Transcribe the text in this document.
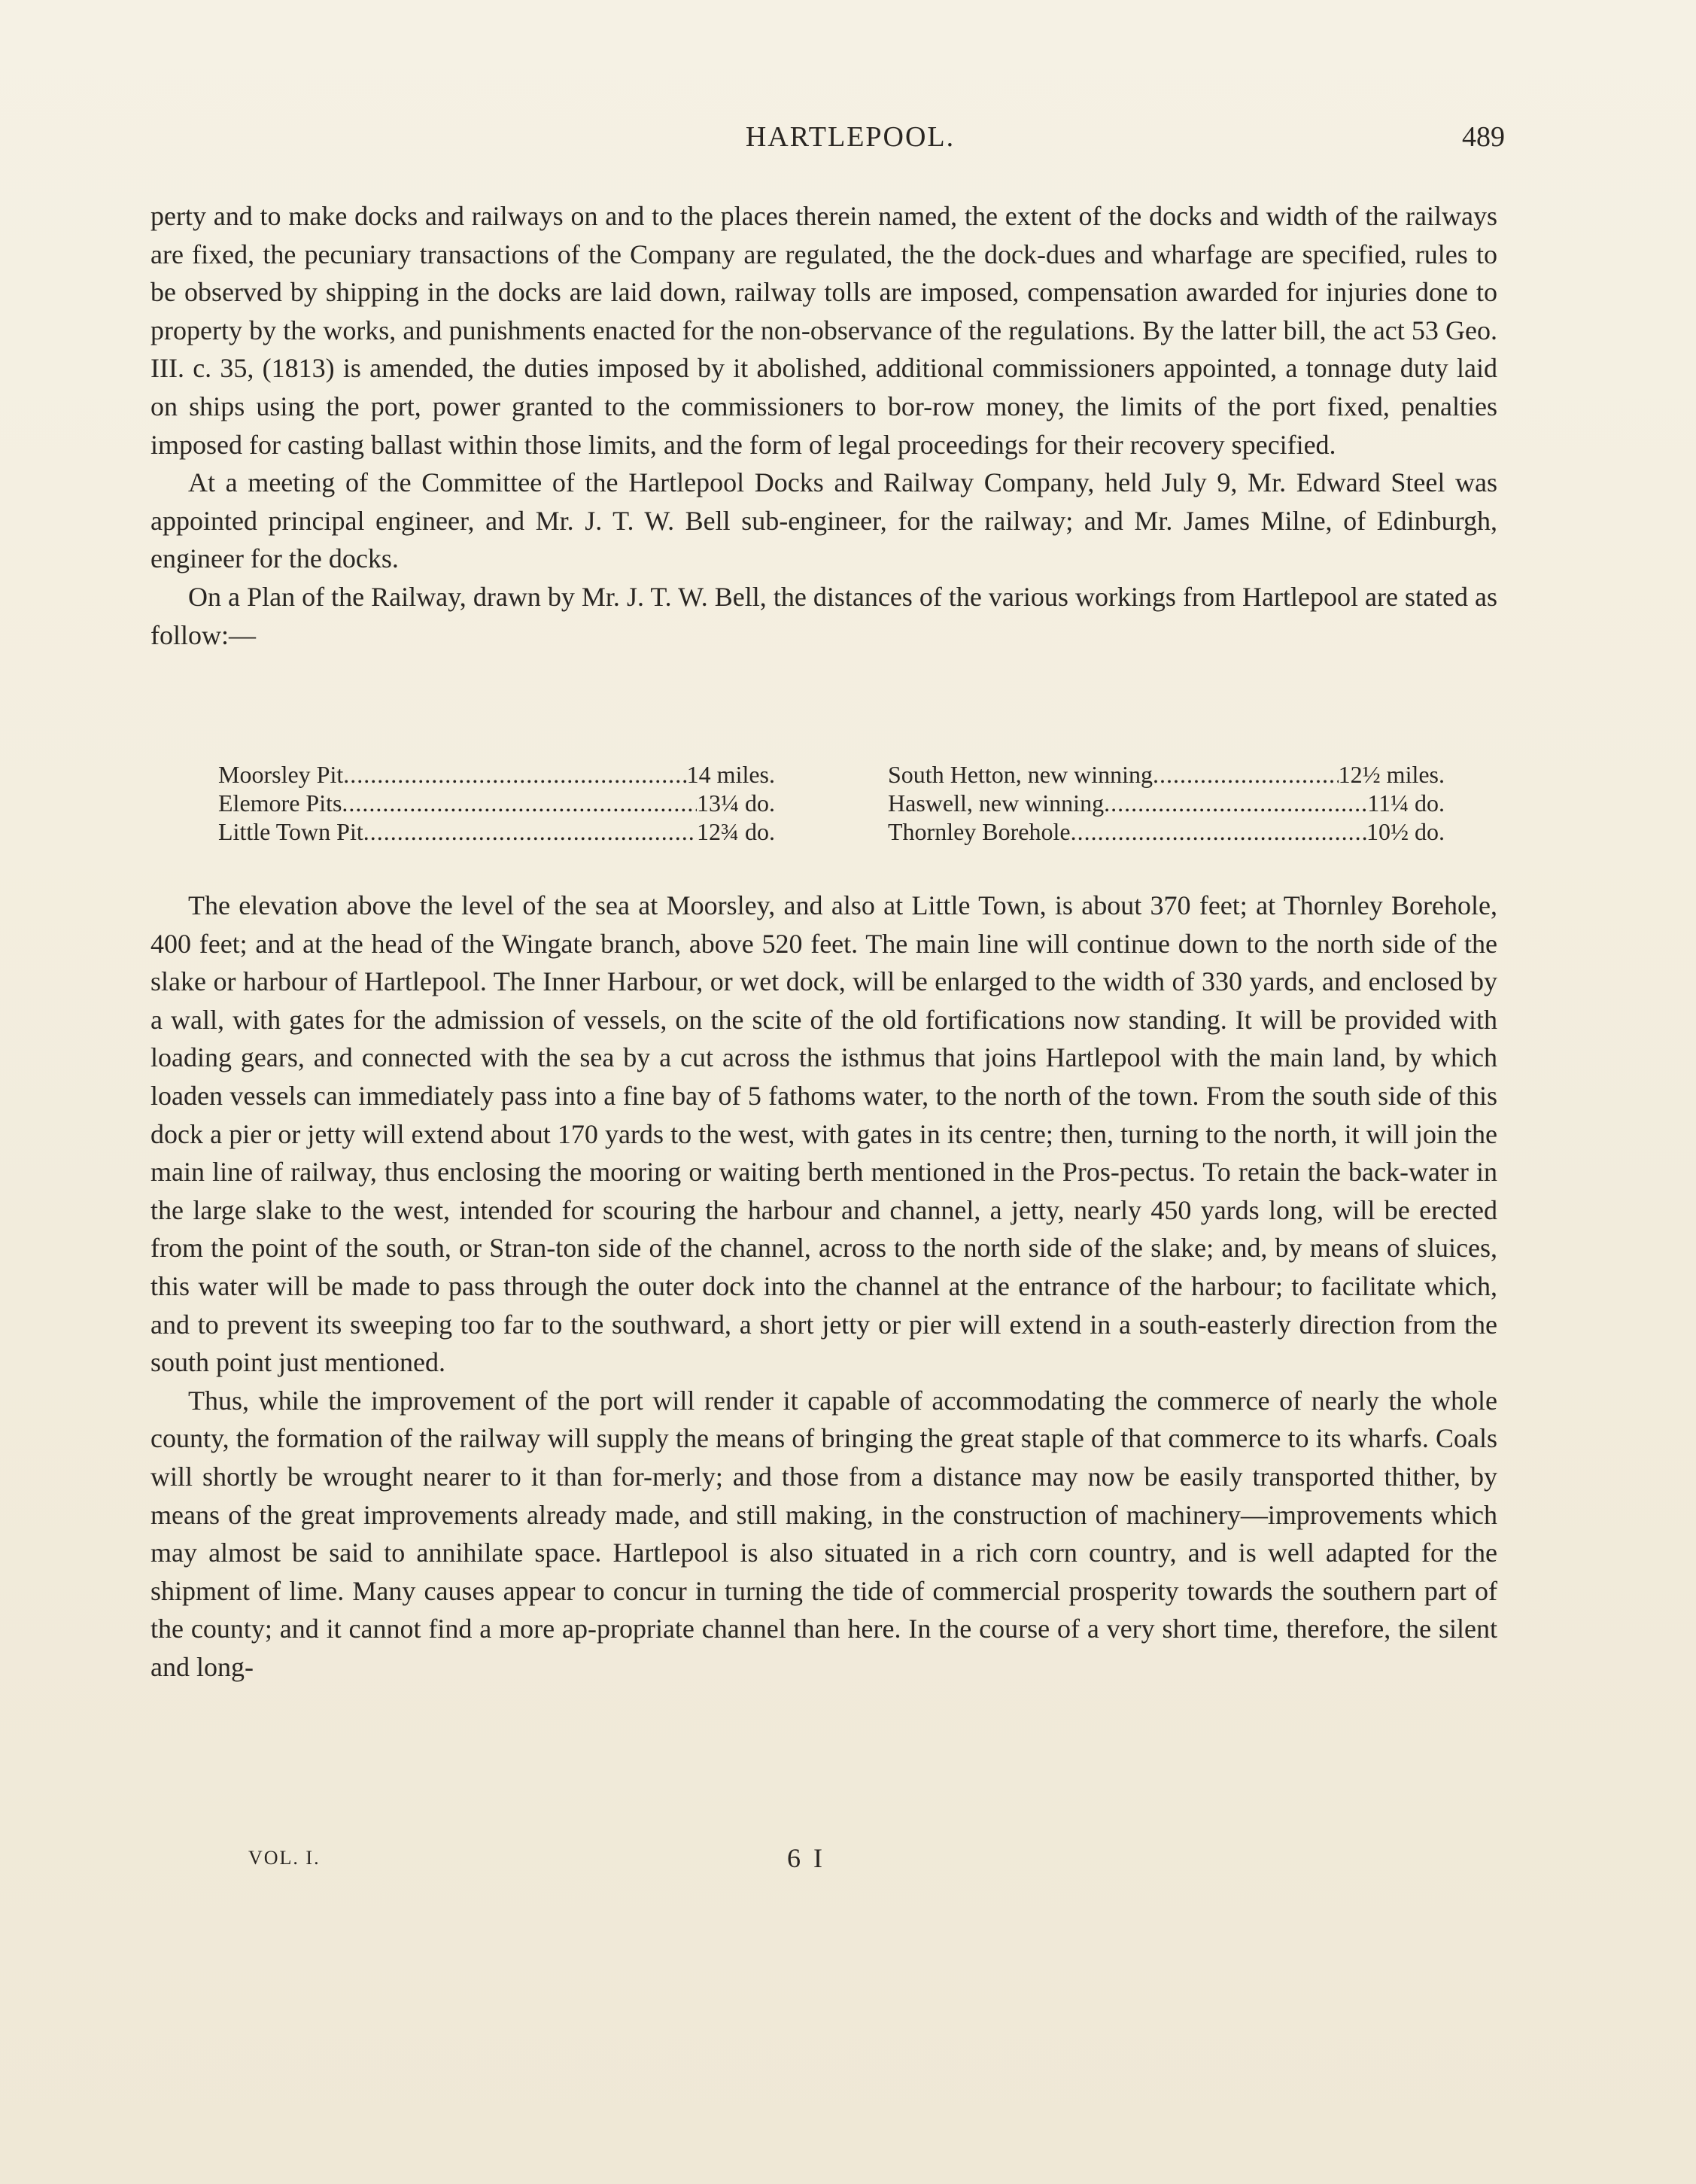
HARTLEPOOL.	489

perty and to make docks and railways on and to the places therein named, the extent of the docks and width of the railways are fixed, the pecuniary transactions of the Company are regulated, the the dock-dues and wharfage are specified, rules to be observed by shipping in the docks are laid down, railway tolls are imposed, compensation awarded for injuries done to property by the works, and punishments enacted for the non-observance of the regulations. By the latter bill, the act 53 Geo. III. c. 35, (1813) is amended, the duties imposed by it abolished, additional commissioners appointed, a tonnage duty laid on ships using the port, power granted to the commissioners to bor-row money, the limits of the port fixed, penalties imposed for casting ballast within those limits, and the form of legal proceedings for their recovery specified.

At a meeting of the Committee of the Hartlepool Docks and Railway Company, held July 9, Mr. Edward Steel was appointed principal engineer, and Mr. J. T. W. Bell sub-engineer, for the railway; and Mr. James Milne, of Edinburgh, engineer for the docks.

On a Plan of the Railway, drawn by Mr. J. T. W. Bell, the distances of the various workings from Hartlepool are stated as follow:—

Moorsley Pit .....	14 miles.
Elemore Pits .....	13¼ do.
Little Town Pit .....	12¾ do.
South Hetton, new winning .....	12½ miles.
Haswell, new winning .....	11¼ do.
Thornley Borehole .....	10½ do.

The elevation above the level of the sea at Moorsley, and also at Little Town, is about 370 feet; at Thornley Borehole, 400 feet; and at the head of the Wingate branch, above 520 feet. The main line will continue down to the north side of the slake or harbour of Hartlepool. The Inner Harbour, or wet dock, will be enlarged to the width of 330 yards, and enclosed by a wall, with gates for the admission of vessels, on the scite of the old fortifications now standing. It will be provided with loading gears, and connected with the sea by a cut across the isthmus that joins Hartlepool with the main land, by which loaden vessels can immediately pass into a fine bay of 5 fathoms water, to the north of the town. From the south side of this dock a pier or jetty will extend about 170 yards to the west, with gates in its centre; then, turning to the north, it will join the main line of railway, thus enclosing the mooring or waiting berth mentioned in the Pros-pectus. To retain the back-water in the large slake to the west, intended for scouring the harbour and channel, a jetty, nearly 450 yards long, will be erected from the point of the south, or Stran-ton side of the channel, across to the north side of the slake; and, by means of sluices, this water will be made to pass through the outer dock into the channel at the entrance of the harbour; to facilitate which, and to prevent its sweeping too far to the southward, a short jetty or pier will extend in a south-easterly direction from the south point just mentioned.

Thus, while the improvement of the port will render it capable of accommodating the commerce of nearly the whole county, the formation of the railway will supply the means of bringing the great staple of that commerce to its wharfs. Coals will shortly be wrought nearer to it than for-merly; and those from a distance may now be easily transported thither, by means of the great improvements already made, and still making, in the construction of machinery—improvements which may almost be said to annihilate space. Hartlepool is also situated in a rich corn country, and is well adapted for the shipment of lime. Many causes appear to concur in turning the tide of commercial prosperity towards the southern part of the county; and it cannot find a more ap-propriate channel than here. In the course of a very short time, therefore, the silent and long-

VOL. I.	6 I
